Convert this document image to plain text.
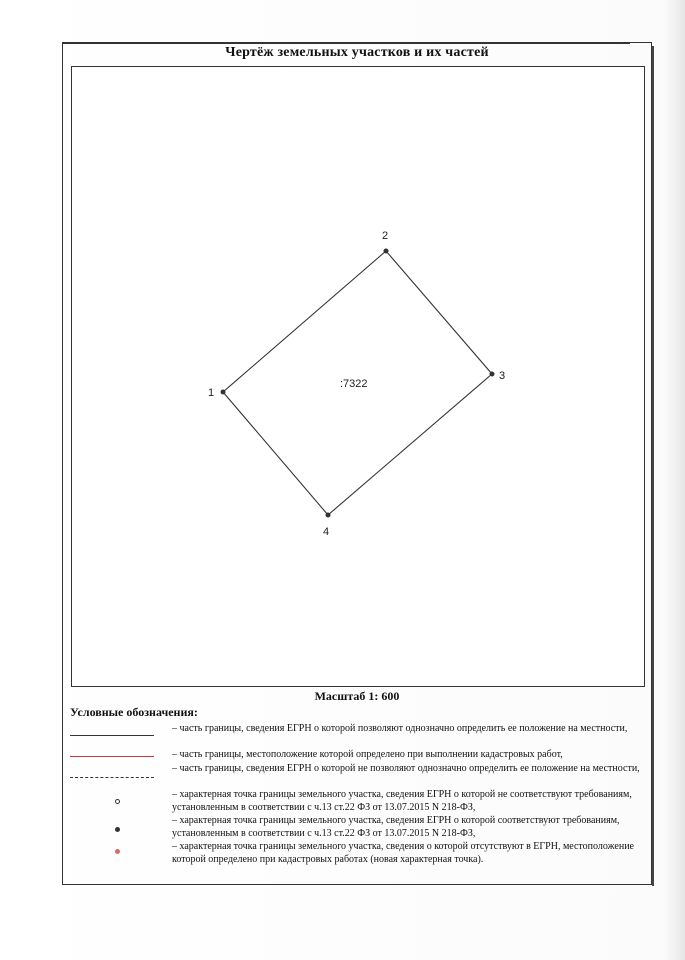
Чертёж земельных участков и их частей
1
2
3
4
:7322
Масштаб 1: 600
Условные обозначения:
– часть границы, сведения ЕГРН о которой позволяют однозначно определить ее положение на местности,
– часть границы, местоположение которой определено при выполнении кадастровых работ,
– часть границы, сведения ЕГРН о которой не позволяют однозначно определить ее положение на местности,
– характерная точка границы земельного участка, сведения ЕГРН о которой не соответствуют требованиям, установленным в соответствии с ч.13 ст.22 ФЗ от 13.07.2015 N 218-ФЗ,
– характерная точка границы земельного участка, сведения ЕГРН о которой соответствуют требованиям, установленным в соответствии с ч.13 ст.22 ФЗ от 13.07.2015 N 218-ФЗ,
– характерная точка границы земельного участка, сведения о которой отсутствуют в ЕГРН, местоположение которой определено при кадастровых работах (новая характерная точка).
